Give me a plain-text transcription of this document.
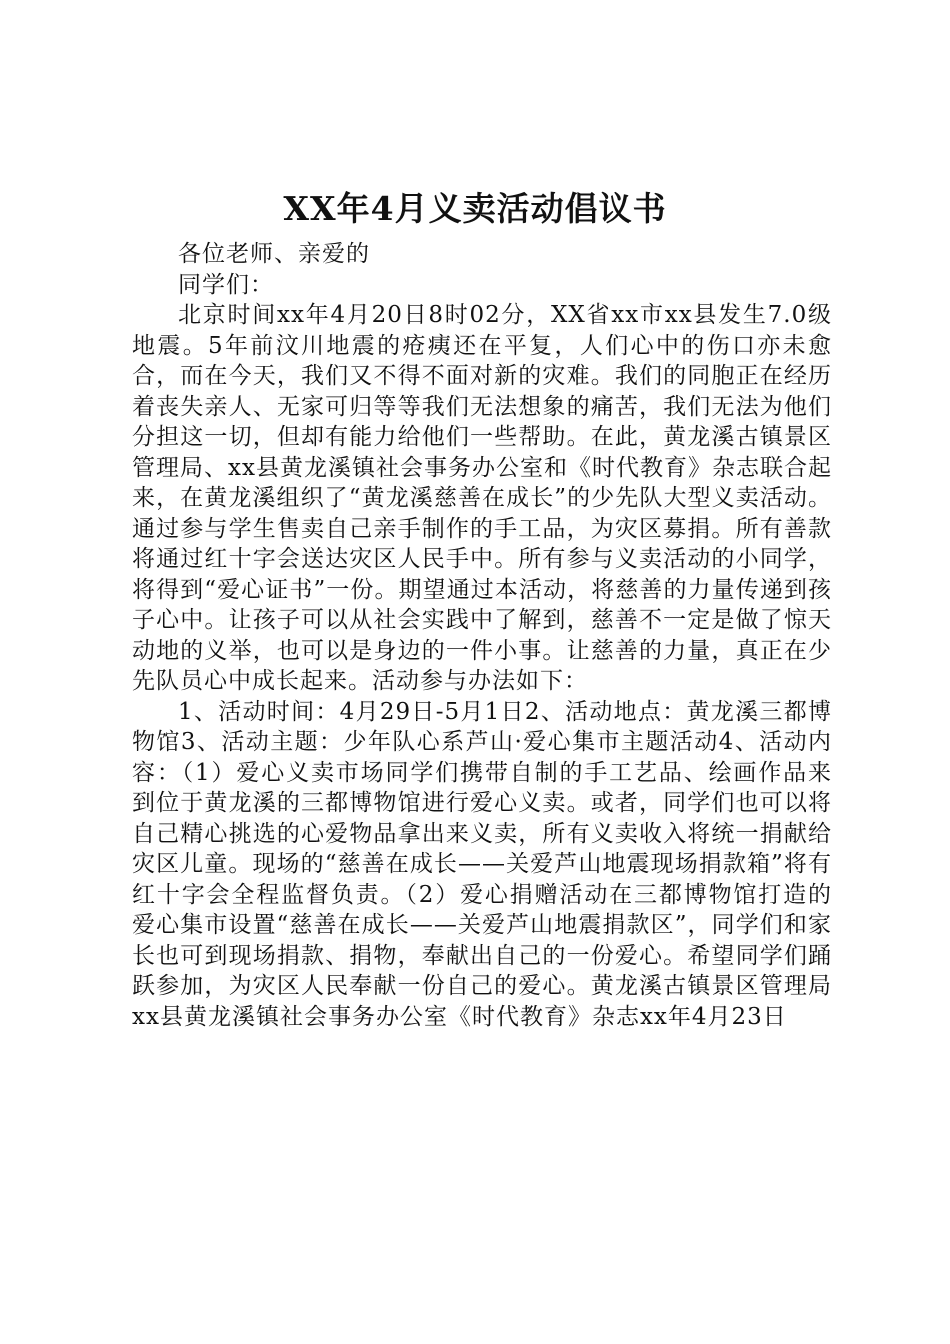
XX年4月义卖活动倡议书

各位老师、亲爱的

同学们：

北京时间xx年4月20日8时02分，XX省xx市xx县发生7.0级地震。5年前汶川地震的疮痍还在平复，人们心中的伤口亦未愈合，而在今天，我们又不得不面对新的灾难。我们的同胞正在经历着丧失亲人、无家可归等等我们无法想象的痛苦，我们无法为他们分担这一切，但却有能力给他们一些帮助。在此，黄龙溪古镇景区管理局、xx县黄龙溪镇社会事务办公室和《时代教育》杂志联合起来，在黄龙溪组织了“黄龙溪慈善在成长”的少先队大型义卖活动。通过参与学生售卖自己亲手制作的手工品，为灾区募捐。所有善款将通过红十字会送达灾区人民手中。所有参与义卖活动的小同学，将得到“爱心证书”一份。期望通过本活动，将慈善的力量传递到孩子心中。让孩子可以从社会实践中了解到，慈善不一定是做了惊天动地的义举，也可以是身边的一件小事。让慈善的力量，真正在少先队员心中成长起来。活动参与办法如下：

1、活动时间：4月29日-5月1日2、活动地点：黄龙溪三都博物馆3、活动主题：少年队心系芦山·爱心集市主题活动4、活动内容：（1）爱心义卖市场同学们携带自制的手工艺品、绘画作品来到位于黄龙溪的三都博物馆进行爱心义卖。或者，同学们也可以将自己精心挑选的心爱物品拿出来义卖，所有义卖收入将统一捐献给灾区儿童。现场的“慈善在成长——关爱芦山地震现场捐款箱”将有红十字会全程监督负责。（2）爱心捐赠活动在三都博物馆打造的爱心集市设置“慈善在成长——关爱芦山地震捐款区”，同学们和家长也可到现场捐款、捐物，奉献出自己的一份爱心。希望同学们踊跃参加，为灾区人民奉献一份自己的爱心。黄龙溪古镇景区管理局xx县黄龙溪镇社会事务办公室《时代教育》杂志xx年4月23日
